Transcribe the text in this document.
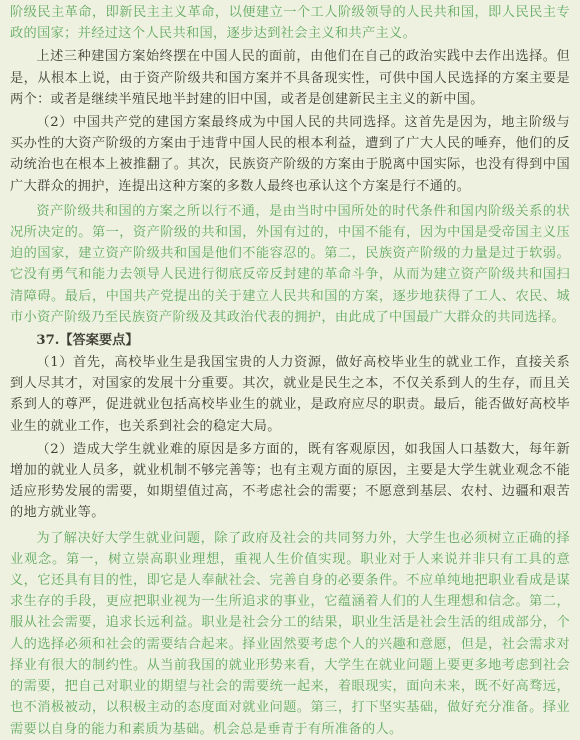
阶级民主革命，即新民主主义革命，以便建立一个工人阶级领导的人民共和国，即人民民主专政的国家；并经过这个人民共和国，逐步达到社会主义和共产主义。

上述三种建国方案始终摆在中国人民的面前，由他们在自己的政治实践中去作出选择。但是，从根本上说，由于资产阶级共和国方案并不具备现实性，可供中国人民选择的方案主要是两个：或者是继续半殖民地半封建的旧中国，或者是创建新民主主义的新中国。

（2）中国共产党的建国方案最终成为中国人民的共同选择。这首先是因为，地主阶级与买办性的大资产阶级的方案由于违背中国人民的根本利益，遭到了广大人民的唾弃，他们的反动统治也在根本上被推翻了。其次，民族资产阶级的方案由于脱离中国实际，也没有得到中国广大群众的拥护，连提出这种方案的多数人最终也承认这个方案是行不通的。

资产阶级共和国的方案之所以行不通，是由当时中国所处的时代条件和国内阶级关系的状况所决定的。第一，资产阶级的共和国，外国有过的，中国不能有，因为中国是受帝国主义压迫的国家，建立资产阶级共和国是他们不能容忍的。第二，民族资产阶级的力量是过于软弱。它没有勇气和能力去领导人民进行彻底反帝反封建的革命斗争，从而为建立资产阶级共和国扫清障碍。最后，中国共产党提出的关于建立人民共和国的方案，逐步地获得了工人、农民、城市小资产阶级乃至民族资产阶级及其政治代表的拥护，由此成了中国最广大群众的共同选择。

37.【答案要点】

（1）首先，高校毕业生是我国宝贵的人力资源，做好高校毕业生的就业工作，直接关系到人尽其才，对国家的发展十分重要。其次，就业是民生之本，不仅关系到人的生存，而且关系到人的尊严，促进就业包括高校毕业生的就业，是政府应尽的职责。最后，能否做好高校毕业生的就业工作，也关系到社会的稳定大局。

（2）造成大学生就业难的原因是多方面的，既有客观原因，如我国人口基数大，每年新增加的就业人员多，就业机制不够完善等；也有主观方面的原因，主要是大学生就业观念不能适应形势发展的需要，如期望值过高，不考虑社会的需要；不愿意到基层、农村、边疆和艰苦的地方就业等。

为了解决好大学生就业问题，除了政府及社会的共同努力外，大学生也必须树立正确的择业观念。第一，树立崇高职业理想，重视人生价值实现。职业对于人来说并非只有工具的意义，它还具有目的性，即它是人奉献社会、完善自身的必要条件。不应单纯地把职业看成是谋求生存的手段，更应把职业视为一生所追求的事业，它蕴涵着人们的人生理想和信念。第二，服从社会需要，追求长远利益。职业是社会分工的结果，职业生活是社会生活的组成部分，个人的选择必须和社会的需要结合起来。择业固然要考虑个人的兴趣和意愿，但是，社会需求对择业有很大的制约性。从当前我国的就业形势来看，大学生在就业问题上要更多地考虑到社会的需要，把自己对职业的期望与社会的需要统一起来，着眼现实，面向未来，既不好高骛远，也不消极被动，以积极主动的态度面对就业问题。第三，打下坚实基础，做好充分准备。择业需要以自身的能力和素质为基础。机会总是垂青于有所准备的人。
